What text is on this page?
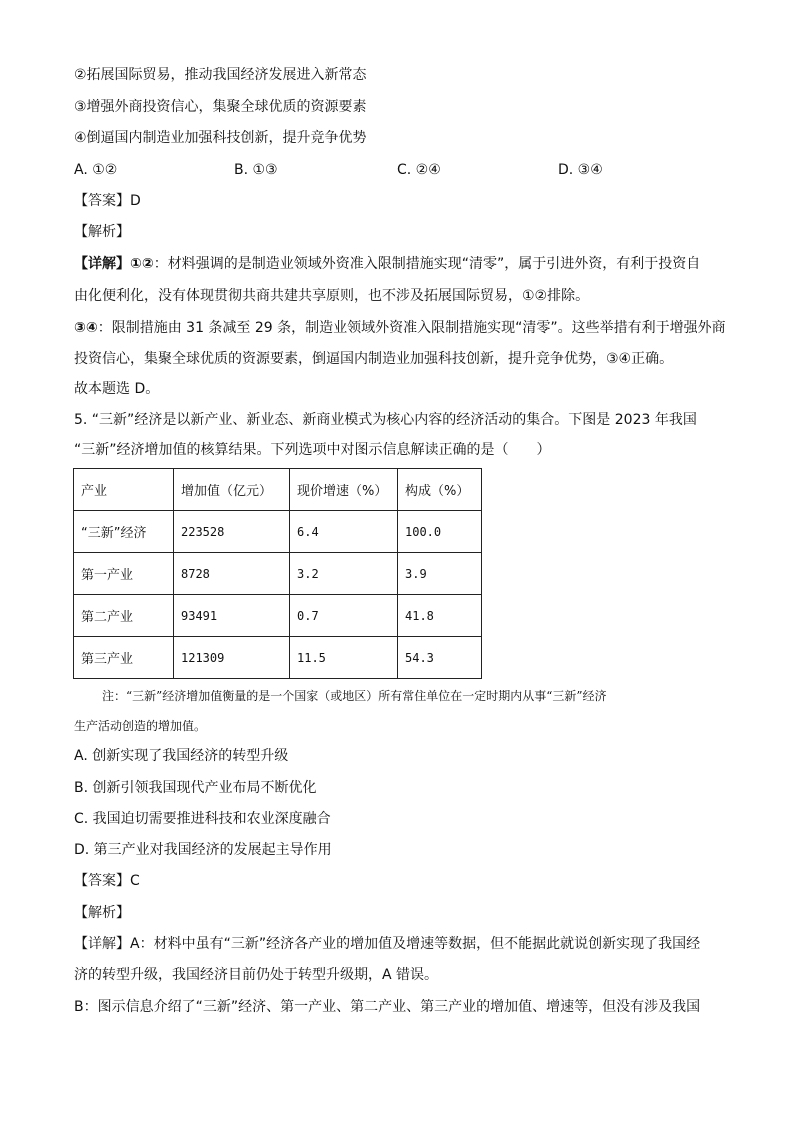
②拓展国际贸易，推动我国经济发展进入新常态
③增强外商投资信心，集聚全球优质的资源要素
④倒逼国内制造业加强科技创新，提升竞争优势
A. ①②	B. ①③	C. ②④	D. ③④
【答案】D
【解析】
【详解】①②：材料强调的是制造业领域外资准入限制措施实现“清零”，属于引进外资，有利于投资自
由化便利化，没有体现贯彻共商共建共享原则，也不涉及拓展国际贸易，①②排除。
③④：限制措施由 31 条减至 29 条，制造业领域外资准入限制措施实现“清零”。这些举措有利于增强外商
投资信心，集聚全球优质的资源要素，倒逼国内制造业加强科技创新，提升竞争优势，③④正确。
故本题选 D。
5. “三新”经济是以新产业、新业态、新商业模式为核心内容的经济活动的集合。下图是 2023 年我国
“三新”经济增加值的核算结果。下列选项中对图示信息解读正确的是（　　）
产业	增加值（亿元）	现价增速（%）	构成（%）
“三新”经济	223528	6.4	100.0
第一产业	8728	3.2	3.9
第二产业	93491	0.7	41.8
第三产业	121309	11.5	54.3
注：“三新”经济增加值衡量的是一个国家（或地区）所有常住单位在一定时期内从事“三新”经济
生产活动创造的增加值。
A. 创新实现了我国经济的转型升级
B. 创新引领我国现代产业布局不断优化
C. 我国迫切需要推进科技和农业深度融合
D. 第三产业对我国经济的发展起主导作用
【答案】C
【解析】
【详解】A：材料中虽有“三新”经济各产业的增加值及增速等数据，但不能据此就说创新实现了我国经
济的转型升级，我国经济目前仍处于转型升级期，A 错误。
B：图示信息介绍了“三新”经济、第一产业、第二产业、第三产业的增加值、增速等，但没有涉及我国
